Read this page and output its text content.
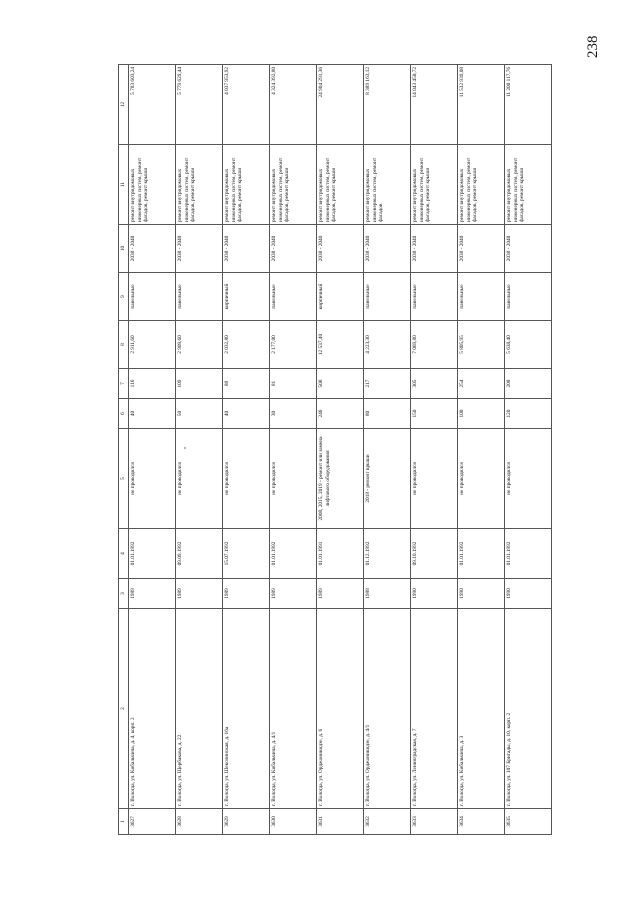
238
1	2	3	4	5	6	7	8	9	10	11	12
3627	г. Вологда, ул. Кибальчича, д. 4, корп. 2	1989	01.01.1992	не проводился	40	116	2 911,60	панельные	2038 - 2040	ремонт внутридомовых инженерных систем, ремонт фасадов, ремонт крыши	5 783 603,24
3628	г. Вологда, ул. Щербакова, д. 22	1989	09.09.1992	не проводился	50	109	2 909,60	панельные	2038 - 2040	ремонт внутридомовых инженерных систем, ремонт фасадов, ремонт крыши	5 779 629,44
3629	г. Вологда, ул. Шекснинская, д. 16а	1989	15.07.1992	не проводился	40	88	2 032,80	кирпичный	2038 - 2040	ремонт внутридомовых инженерных систем, ремонт фасадов, ремонт крыши	4 037 953,92
3630	г. Вологда, ул. Кибальчича, д. 4/1	1989	01.01.1992	не проводился	30	81	2 177,00	панельные	2038 - 2040	ремонт внутридомовых инженерных систем, ремонт фасадов, ремонт крыши	4 324 392,80
3631	г. Вологда, ул. Орджоникидзе, д. 6	1989	01.01.1991	2008, 2015, 2019 - ремонт или замена лифтового оборудования	246	508	12 537,40	кирпичный	2038 - 2040	ремонт внутридомовых инженерных систем, ремонт фасадов, ремонт крыши	24 904 291,36
3632	г. Вологда, ул. Орджоникидзе, д. 4/1	1988	01.12.1992	2018 - ремонт крыши	80	217	4 223,30	панельные	2038 - 2040	ремонт внутридомовых инженерных систем, ремонт фасадов	8 389 163,12
3633	г. Вологда, ул. Ленинградская, д. 7	1990	09.10.1992	не проводился	150	305	7 069,80	панельные	2038 - 2040	ремонт внутридомовых инженерных систем, ремонт фасадов, ремонт крыши	14 043 450,72
3634	г. Вологда, ул. Кибальчича, д. 3	1990	01.01.1992	не проводился	100	254	5 805,95	панельные	2038 - 2040	ремонт внутридомовых инженерных систем, ремонт фасадов, ремонт крыши	11 532 939,08
3635	г. Вологда, ул. 107 Бригады, д. 10, корп. 2	1990	01.01.1992	не проводился	120	208	5 638,40	панельные	2038 - 2040	ремонт внутридомовых инженерных систем, ремонт фасадов, ремонт крыши	11 200 117,76
